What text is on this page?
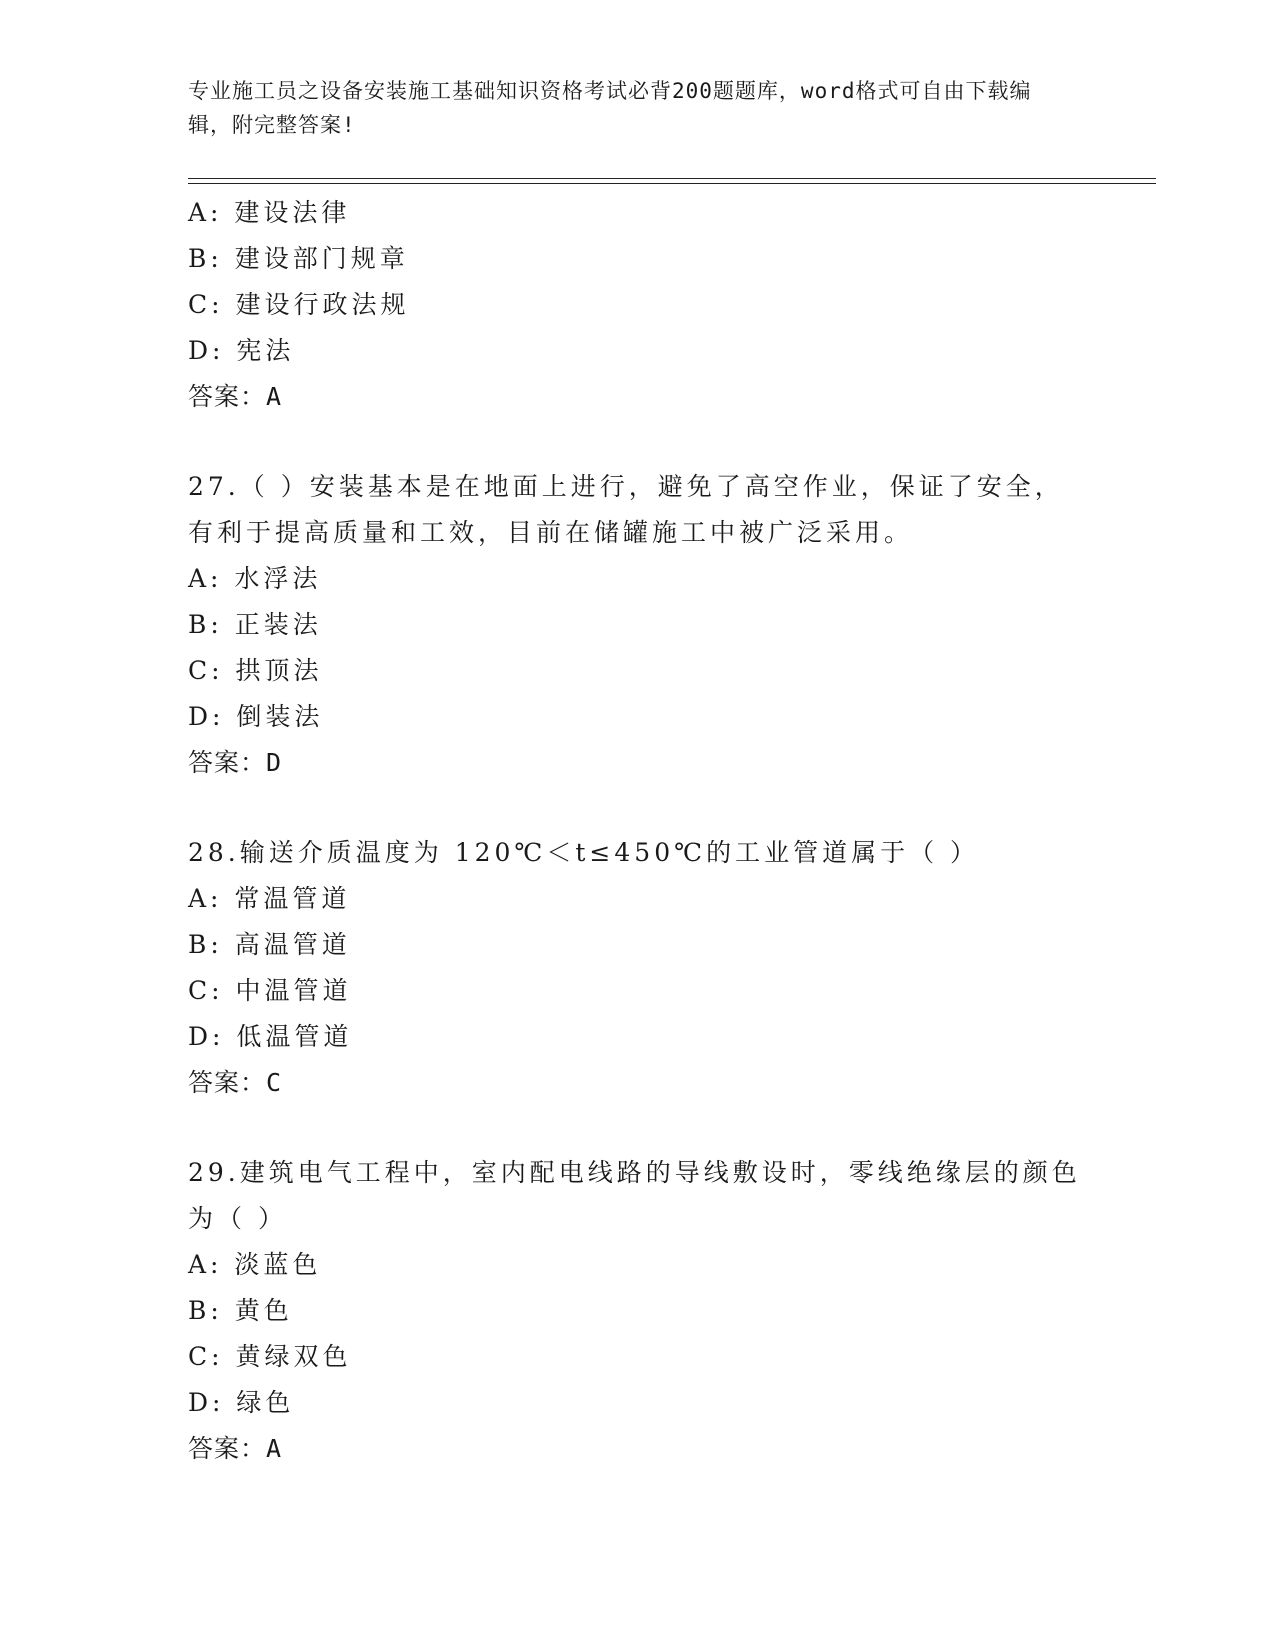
专业施工员之设备安装施工基础知识资格考试必背200题题库，word格式可自由下载编辑，附完整答案!
A: 建设法律
B: 建设部门规章
C: 建设行政法规
D: 宪法
答案：A
27.（ ）安装基本是在地面上进行，避免了高空作业，保证了安全，有利于提高质量和工效，目前在储罐施工中被广泛采用。
A: 水浮法
B: 正装法
C: 拱顶法
D: 倒装法
答案：D
28.输送介质温度为 120℃＜t≤450℃的工业管道属于（ ）
A: 常温管道
B: 高温管道
C: 中温管道
D: 低温管道
答案：C
29.建筑电气工程中，室内配电线路的导线敷设时，零线绝缘层的颜色为（ ）
A: 淡蓝色
B: 黄色
C: 黄绿双色
D: 绿色
答案：A
